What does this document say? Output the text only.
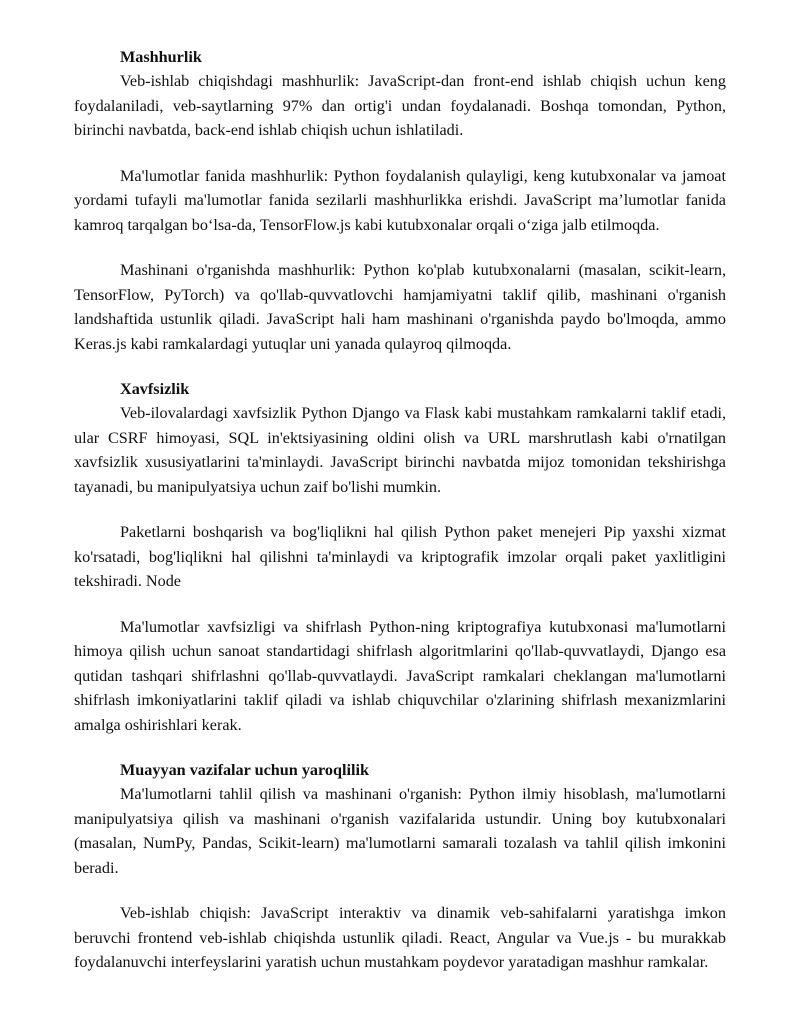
Mashhurlik

Veb-ishlab chiqishdagi mashhurlik: JavaScript-dan front-end ishlab chiqish uchun keng foydalaniladi, veb-saytlarning 97% dan ortig'i undan foydalanadi. Boshqa tomondan, Python, birinchi navbatda, back-end ishlab chiqish uchun ishlatiladi.

Ma'lumotlar fanida mashhurlik: Python foydalanish qulayligi, keng kutubxonalar va jamoat yordami tufayli ma'lumotlar fanida sezilarli mashhurlikka erishdi. JavaScript ma’lumotlar fanida kamroq tarqalgan bo‘lsa-da, TensorFlow.js kabi kutubxonalar orqali o‘ziga jalb etilmoqda.

Mashinani o'rganishda mashhurlik: Python ko'plab kutubxonalarni (masalan, scikit-learn, TensorFlow, PyTorch) va qo'llab-quvvatlovchi hamjamiyatni taklif qilib, mashinani o'rganish landshaftida ustunlik qiladi. JavaScript hali ham mashinani o'rganishda paydo bo'lmoqda, ammo Keras.js kabi ramkalardagi yutuqlar uni yanada qulayroq qilmoqda.

Xavfsizlik

Veb-ilovalardagi xavfsizlik Python Django va Flask kabi mustahkam ramkalarni taklif etadi, ular CSRF himoyasi, SQL in'ektsiyasining oldini olish va URL marshrutlash kabi o'rnatilgan xavfsizlik xususiyatlarini ta'minlaydi. JavaScript birinchi navbatda mijoz tomonidan tekshirishga tayanadi, bu manipulyatsiya uchun zaif bo'lishi mumkin.

Paketlarni boshqarish va bog'liqlikni hal qilish Python paket menejeri Pip yaxshi xizmat ko'rsatadi, bog'liqlikni hal qilishni ta'minlaydi va kriptografik imzolar orqali paket yaxlitligini tekshiradi. Node

Ma'lumotlar xavfsizligi va shifrlash Python-ning kriptografiya kutubxonasi ma'lumotlarni himoya qilish uchun sanoat standartidagi shifrlash algoritmlarini qo'llab-quvvatlaydi, Django esa qutidan tashqari shifrlashni qo'llab-quvvatlaydi. JavaScript ramkalari cheklangan ma'lumotlarni shifrlash imkoniyatlarini taklif qiladi va ishlab chiquvchilar o'zlarining shifrlash mexanizmlarini amalga oshirishlari kerak.

Muayyan vazifalar uchun yaroqlilik

Ma'lumotlarni tahlil qilish va mashinani o'rganish: Python ilmiy hisoblash, ma'lumotlarni manipulyatsiya qilish va mashinani o'rganish vazifalarida ustundir. Uning boy kutubxonalari (masalan, NumPy, Pandas, Scikit-learn) ma'lumotlarni samarali tozalash va tahlil qilish imkonini beradi.

Veb-ishlab chiqish: JavaScript interaktiv va dinamik veb-sahifalarni yaratishga imkon beruvchi frontend veb-ishlab chiqishda ustunlik qiladi. React, Angular va Vue.js - bu murakkab foydalanuvchi interfeyslarini yaratish uchun mustahkam poydevor yaratadigan mashhur ramkalar.
